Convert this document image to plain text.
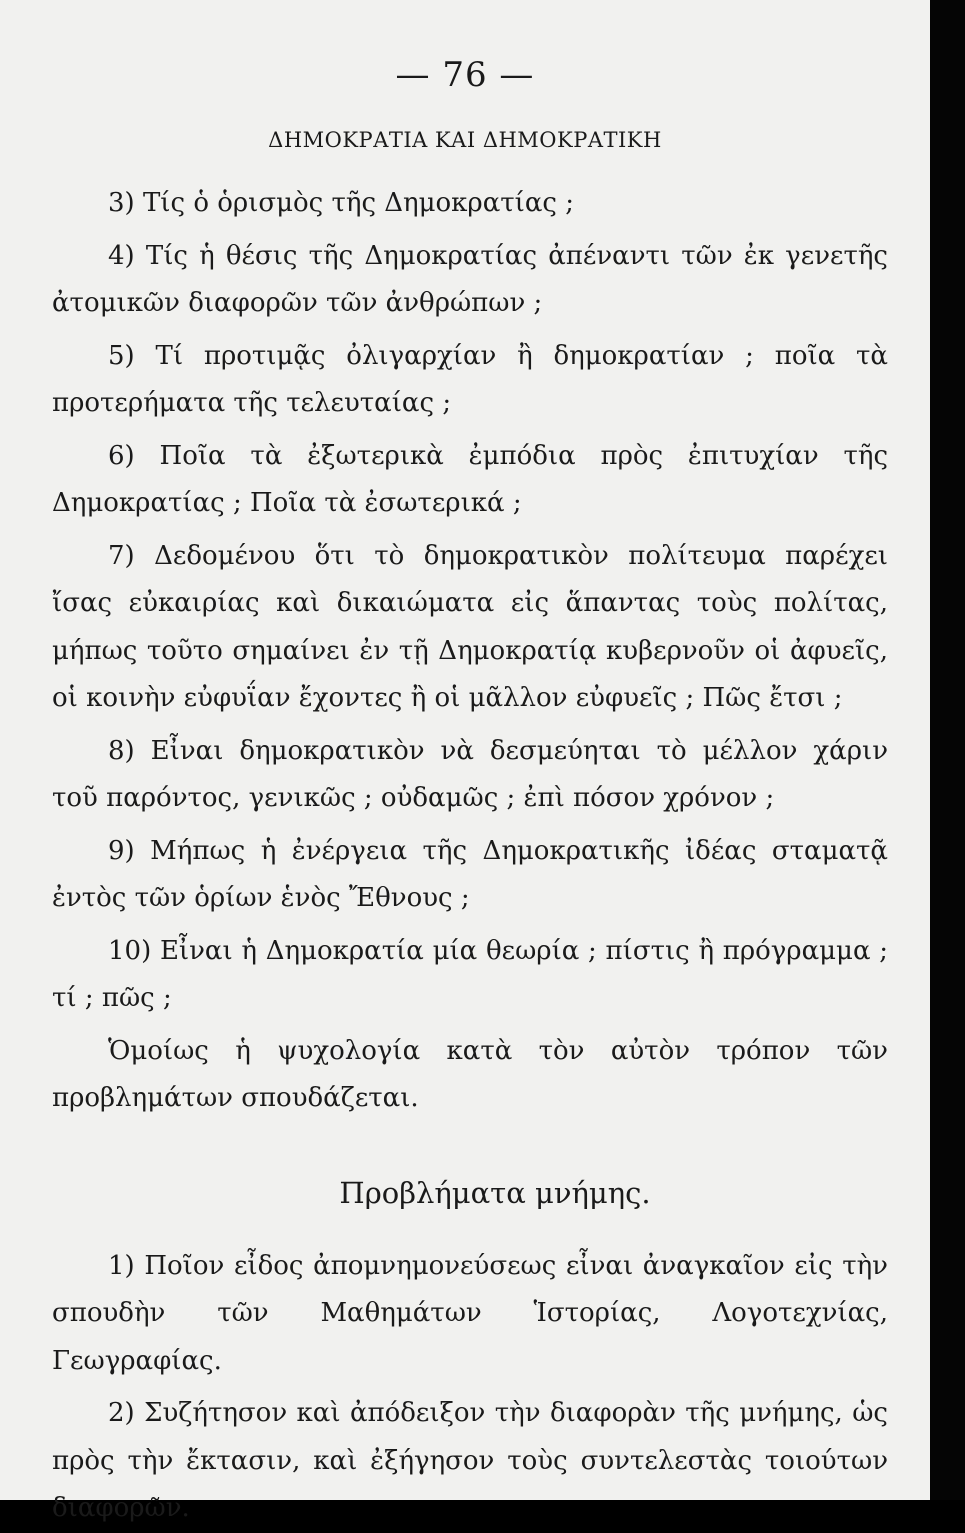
— 76 —
ΔΗΜΟΚΡΑΤΙΑ ΚΑΙ ΔΗΜΟΚΡΑΤΙΚΗ

3) Τίς ὁ ὁρισμὸς τῆς Δημοκρατίας ;

4) Τίς ἡ θέσις τῆς Δημοκρατίας ἀπέναντι τῶν ἐκ γενετῆς ἀτομικῶν διαφορῶν τῶν ἀνθρώπων ;

5) Τί προτιμᾷς ὀλιγαρχίαν ἢ δημοκρατίαν ; ποῖα τὰ προτερήματα τῆς τελευταίας ;

6) Ποῖα τὰ ἐξωτερικὰ ἐμπόδια πρὸς ἐπιτυχίαν τῆς Δημοκρατίας ; Ποῖα τὰ ἐσωτερικά ;

7) Δεδομένου ὅτι τὸ δημοκρατικὸν πολίτευμα παρέχει ἴσας εὐκαιρίας καὶ δικαιώματα εἰς ἅπαντας τοὺς πολίτας, μήπως τοῦτο σημαίνει ἐν τῇ Δημοκρατίᾳ κυβερνοῦν οἱ ἀφυεῖς, οἱ κοινὴν εὐφυΐαν ἔχοντες ἢ οἱ μᾶλλον εὐφυεῖς ; Πῶς ἔτσι ;

8) Εἶναι δημοκρατικὸν νὰ δεσμεύηται τὸ μέλλον χάριν τοῦ παρόντος, γενικῶς ; οὐδαμῶς ; ἐπὶ πόσον χρόνον ;

9) Μήπως ἡ ἐνέργεια τῆς Δημοκρατικῆς ἰδέας σταματᾷ ἐντὸς τῶν ὁρίων ἑνὸς Ἔθνους ;

10) Εἶναι ἡ Δημοκρατία μία θεωρία ; πίστις ἢ πρόγραμμα ; τί ; πῶς ;

Ὁμοίως ἡ ψυχολογία κατὰ τὸν αὐτὸν τρόπον τῶν προβλημάτων σπουδάζεται.

Προβλήματα μνήμης.

1) Ποῖον εἶδος ἀπομνημονεύσεως εἶναι ἀναγκαῖον εἰς τὴν σπουδὴν τῶν Μαθημάτων Ἱστορίας, Λογοτεχνίας, Γεωγραφίας.

2) Συζήτησον καὶ ἀπόδειξον τὴν διαφορὰν τῆς μνήμης, ὡς πρὸς τὴν ἔκτασιν, καὶ ἐξήγησον τοὺς συντελεστὰς τοιούτων διαφορῶν.
